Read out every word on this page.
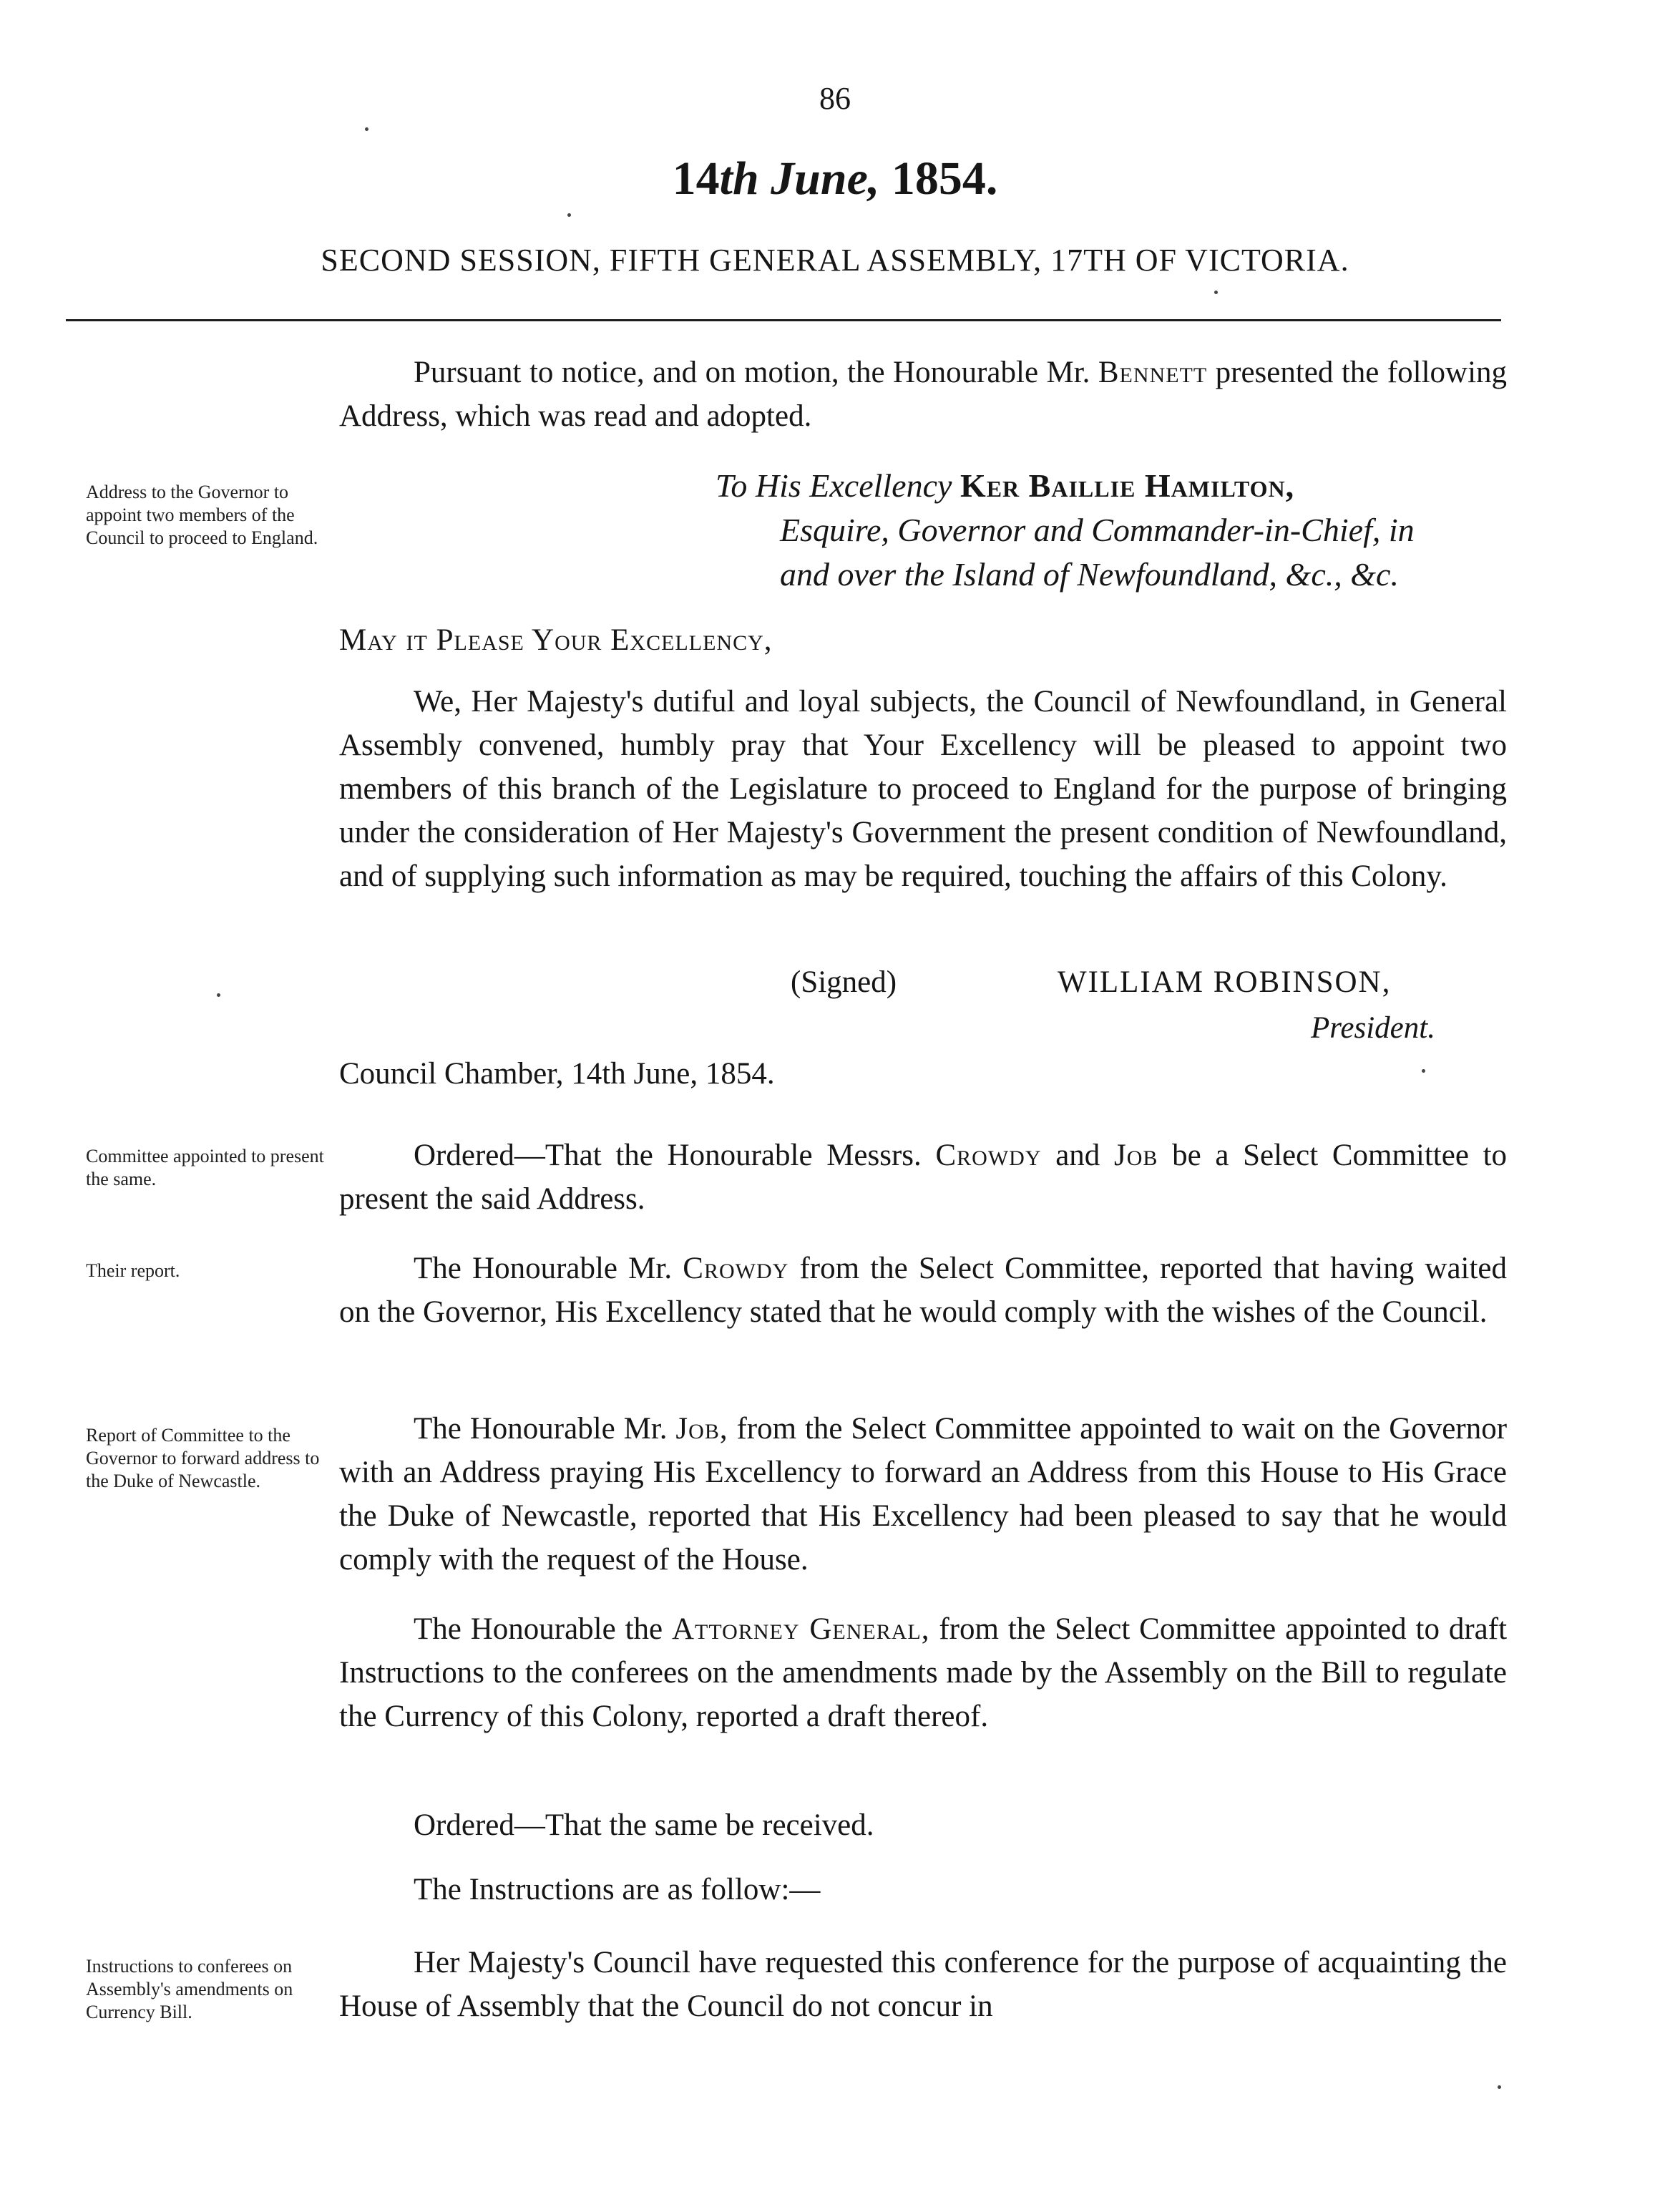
86
14th June, 1854.
SECOND SESSION, FIFTH GENERAL ASSEMBLY, 17TH OF VICTORIA.
Pursuant to notice, and on motion, the Honourable Mr. Bennett presented the following Address, which was read and adopted.
Address to the Governor to appoint two members of the Council to proceed to England.
To His Excellency Ker Baillie Hamilton,
Esquire, Governor and Commander-in-Chief, in
and over the Island of Newfoundland, &c., &c.
May it Please Your Excellency,
We, Her Majesty's dutiful and loyal subjects, the Council of Newfoundland, in General Assembly convened, humbly pray that Your Excellency will be pleased to appoint two members of this branch of the Legislature to proceed to England for the purpose of bringing under the consideration of Her Majesty's Government the present condition of Newfoundland, and of supplying such information as may be required, touching the affairs of this Colony.
(Signed)	WILLIAM ROBINSON,
President.
Council Chamber, 14th June, 1854.
Committee appointed to present the same.
Ordered—That the Honourable Messrs. Crowdy and Job be a Select Committee to present the said Address.
Their report.	The Honourable Mr. Crowdy from the Select Committee, reported that having waited on the Governor, His Excellency stated that he would comply with the wishes of the Council.
Report of Committee to the Governor to forward address to the Duke of Newcastle.
The Honourable Mr. Job, from the Select Committee appointed to wait on the Governor with an Address praying His Excellency to forward an Address from this House to His Grace the Duke of Newcastle, reported that His Excellency had been pleased to say that he would comply with the request of the House.
The Honourable the Attorney General, from the Select Committee appointed to draft Instructions to the conferees on the amendments made by the Assembly on the Bill to regulate the Currency of this Colony, reported a draft thereof.
Ordered—That the same be received.
The Instructions are as follow:—
Instructions to conferees on Assembly's amendments on Currency Bill.
Her Majesty's Council have requested this conference for the purpose of acquainting the House of Assembly that the Council do not concur in
